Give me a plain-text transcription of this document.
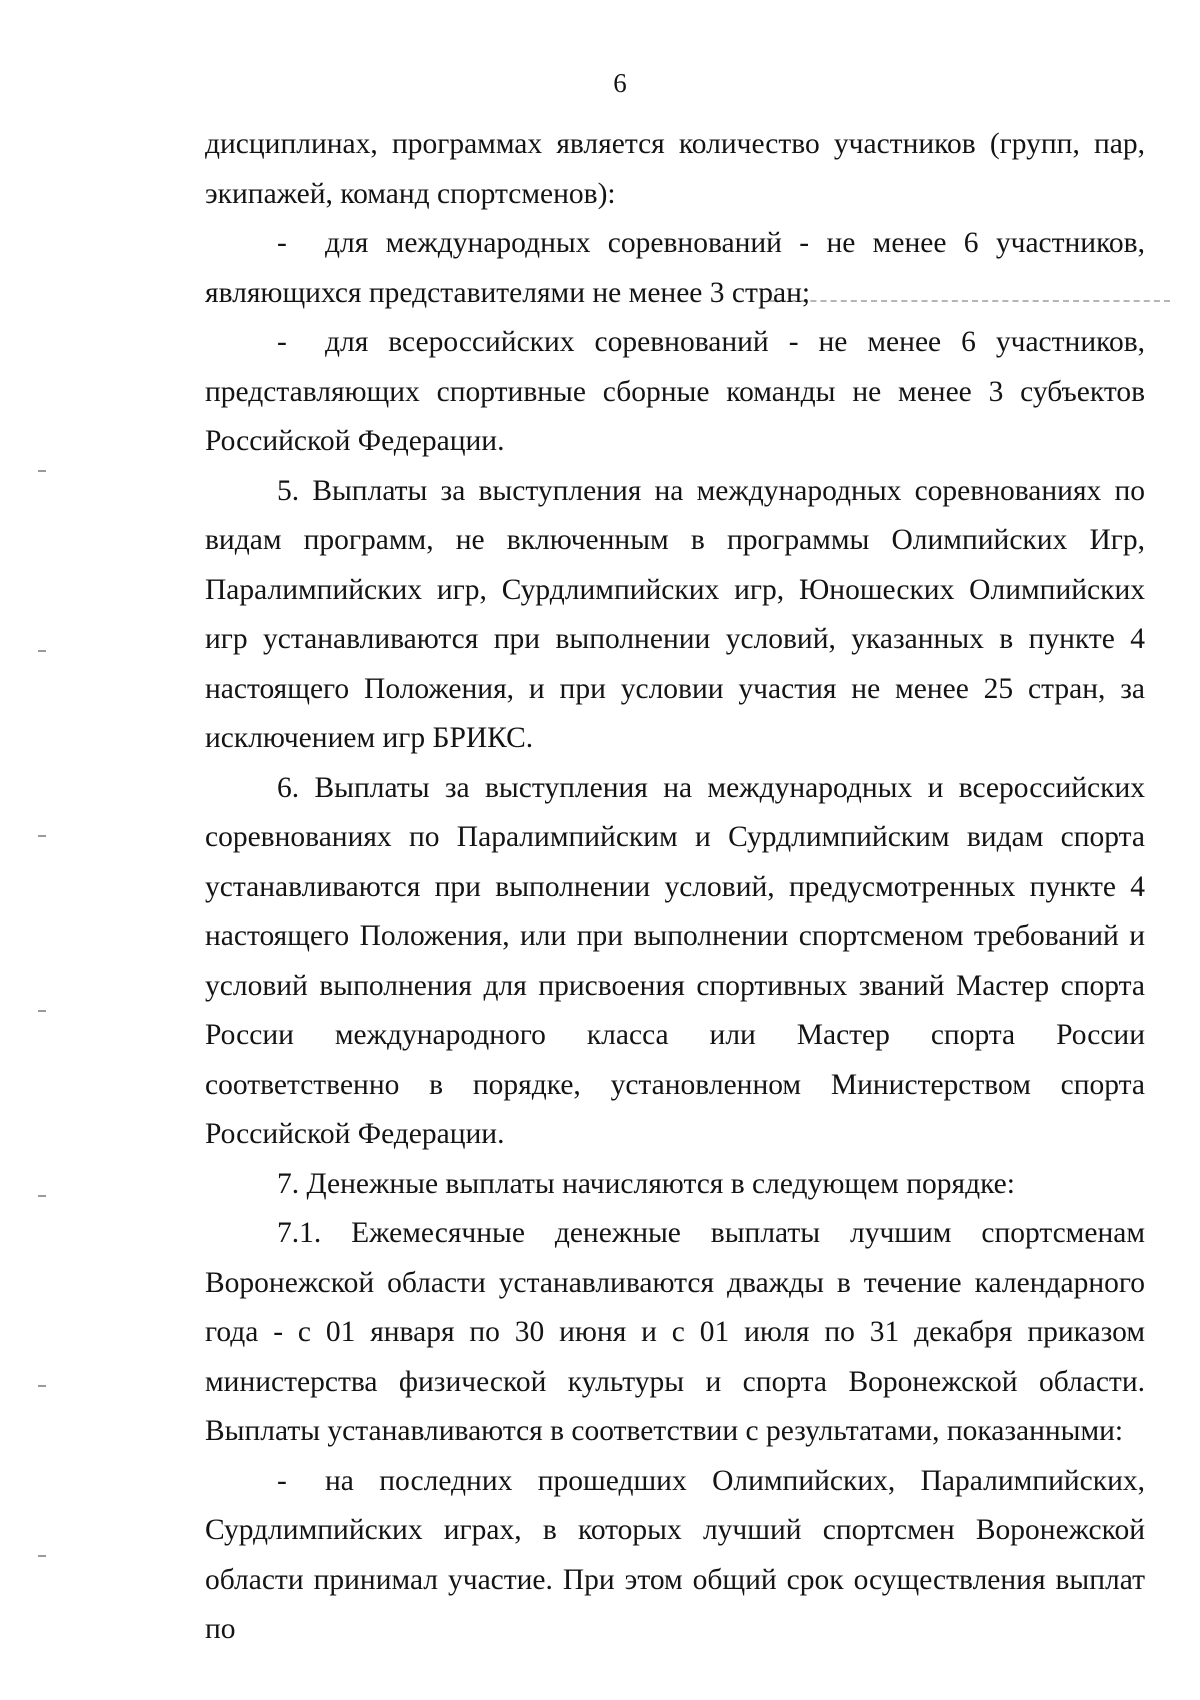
6

дисциплинах, программах является количество участников (групп, пар, экипажей, команд спортсменов):

- для международных соревнований - не менее 6 участников, являющихся представителями не менее 3 стран;

- для всероссийских соревнований - не менее 6 участников, представляющих спортивные сборные команды не менее 3 субъектов Российской Федерации.

5. Выплаты за выступления на международных соревнованиях по видам программ, не включенным в программы Олимпийских Игр, Паралимпийских игр, Сурдлимпийских игр, Юношеских Олимпийских игр устанавливаются при выполнении условий, указанных в пункте 4 настоящего Положения, и при условии участия не менее 25 стран, за исключением игр БРИКС.

6. Выплаты за выступления на международных и всероссийских соревнованиях по Паралимпийским и Сурдлимпийским видам спорта устанавливаются при выполнении условий, предусмотренных пункте 4 настоящего Положения, или при выполнении спортсменом требований и условий выполнения для присвоения спортивных званий Мастер спорта России международного класса или Мастер спорта России соответственно в порядке, установленном Министерством спорта Российской Федерации.

7. Денежные выплаты начисляются в следующем порядке:

7.1. Ежемесячные денежные выплаты лучшим спортсменам Воронежской области устанавливаются дважды в течение календарного года - с 01 января по 30 июня и с 01 июля по 31 декабря приказом министерства физической культуры и спорта Воронежской области. Выплаты устанавливаются в соответствии с результатами, показанными:

- на последних прошедших Олимпийских, Паралимпийских, Сурдлимпийских играх, в которых лучший спортсмен Воронежской области принимал участие. При этом общий срок осуществления выплат по
